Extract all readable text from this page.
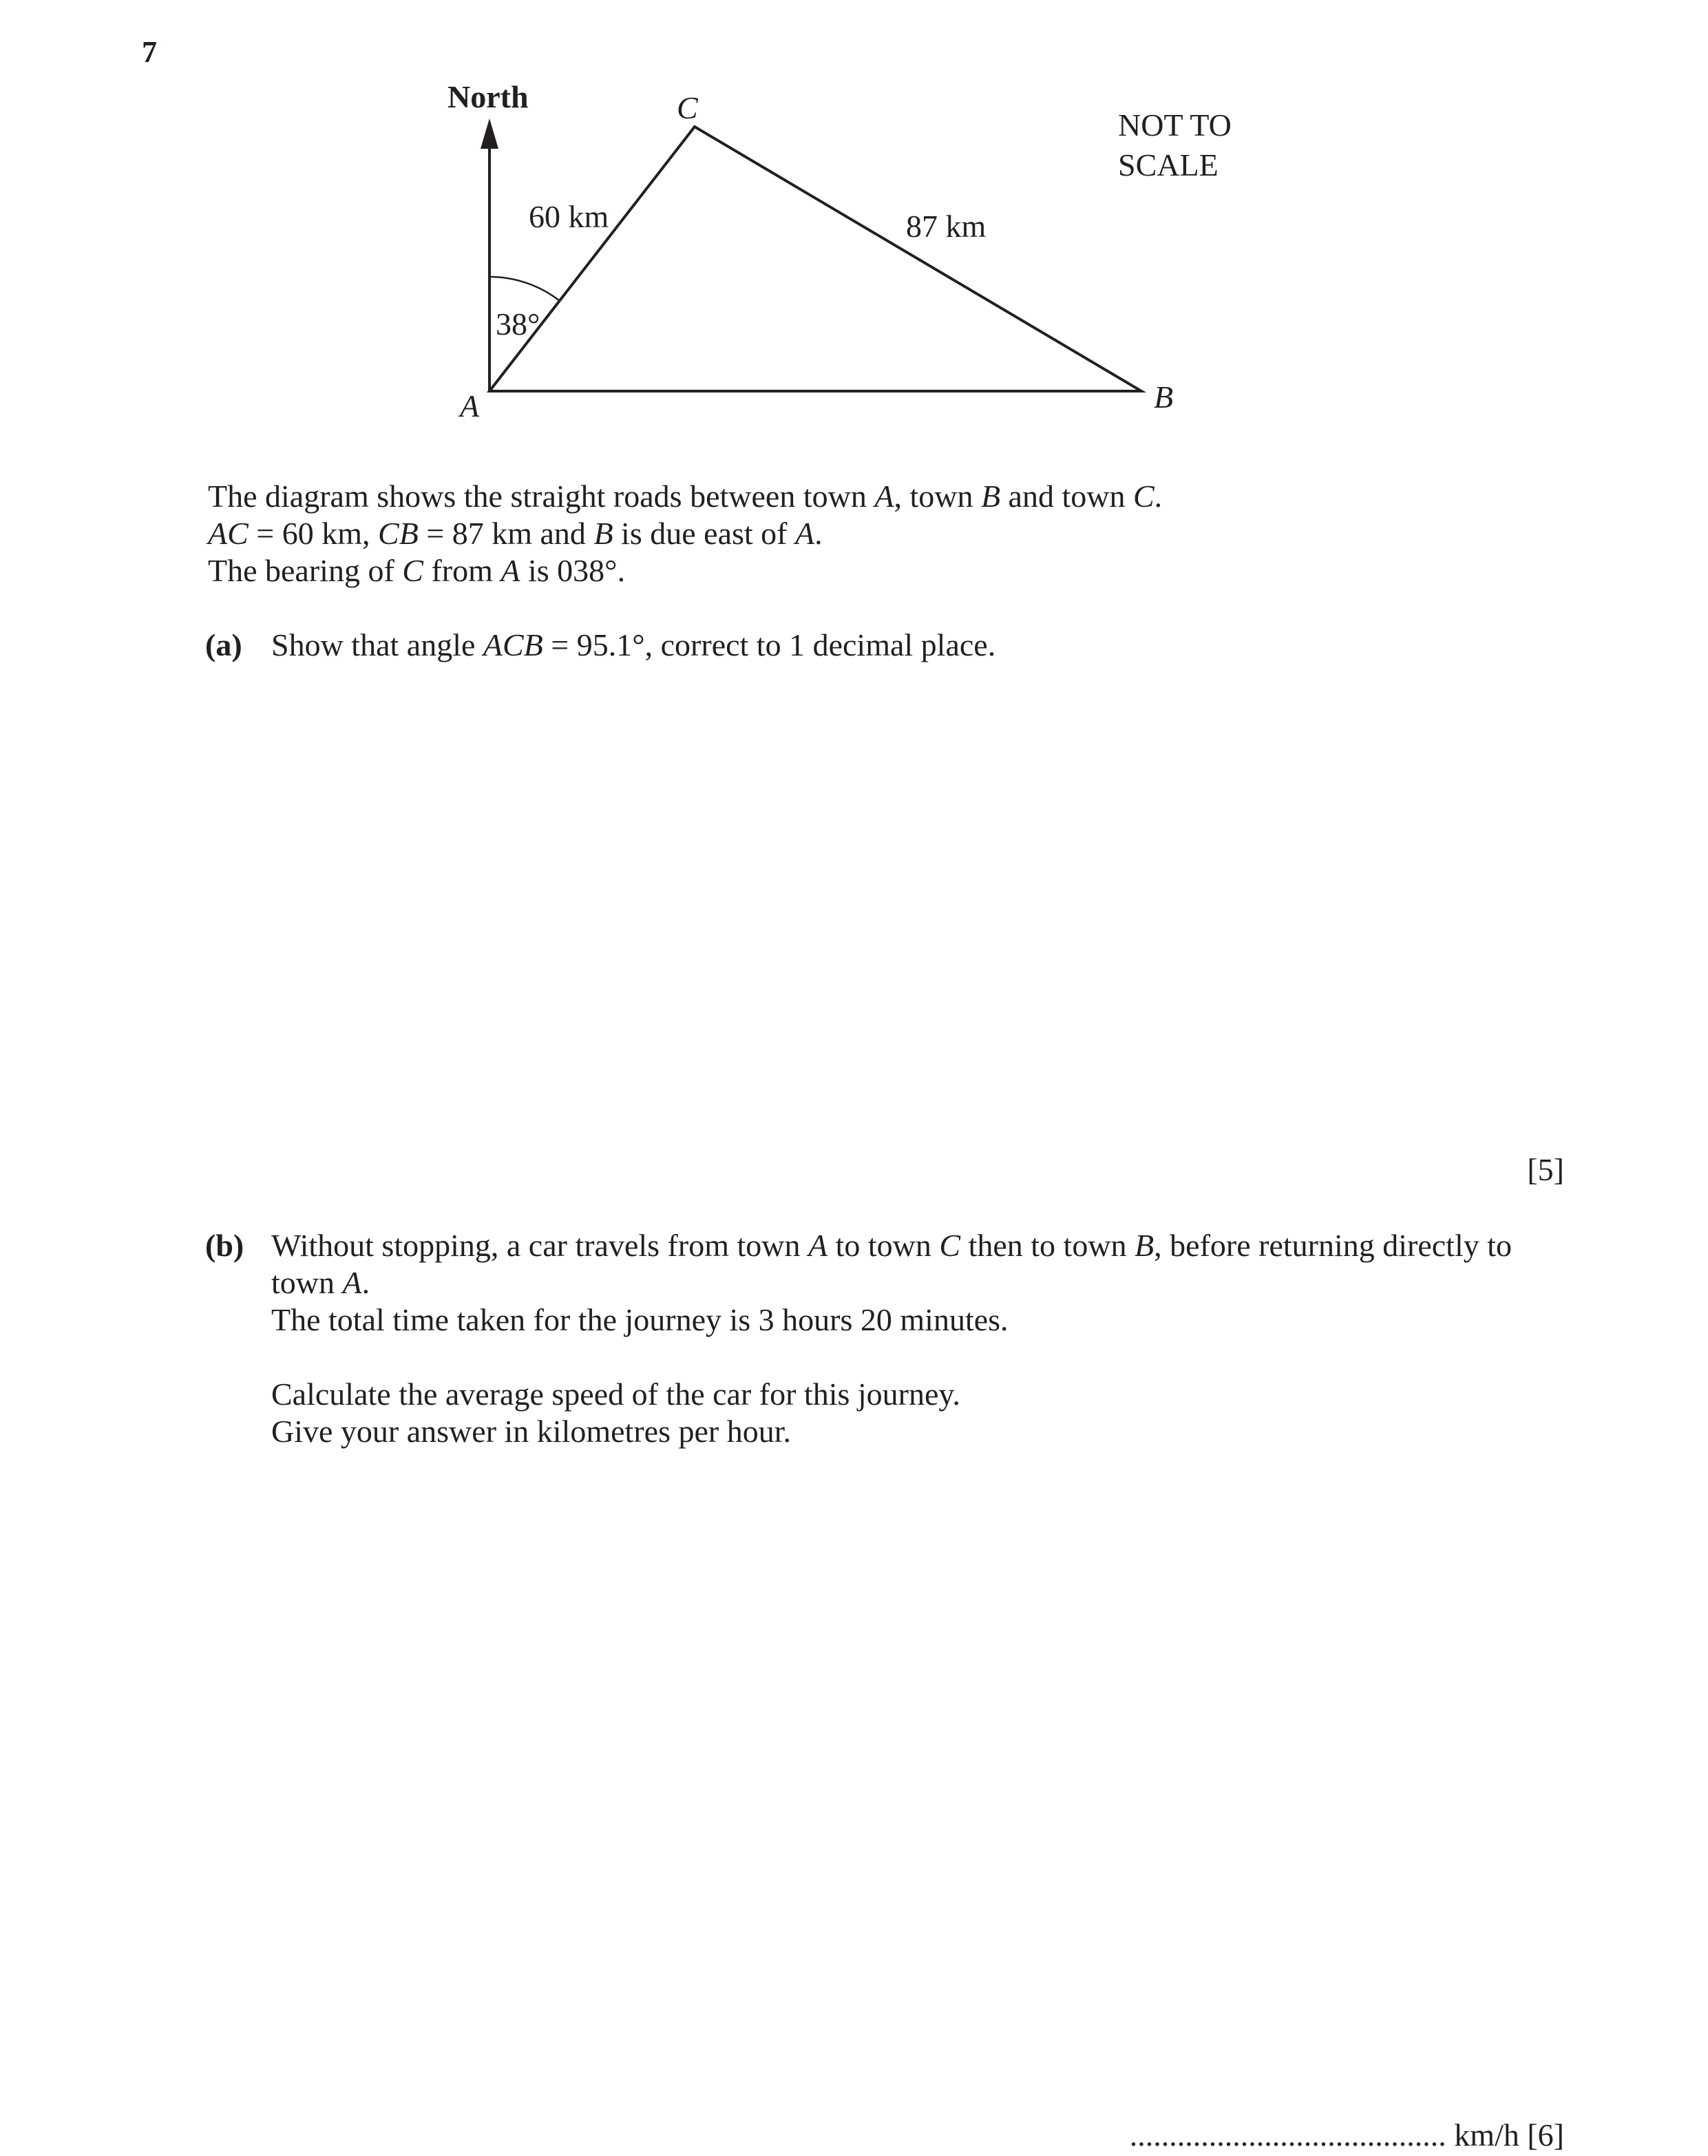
7
North	C
A	B
60 km	87 km
38°
NOT TO
SCALE
The diagram shows the straight roads between town A, town B and town C.
AC = 60 km, CB = 87 km and B is due east of A.
The bearing of C from A is 038°.
(a) Show that angle ACB = 95.1°, correct to 1 decimal place.
[5]
(b) Without stopping, a car travels from town A to town C then to town B, before returning directly to
town A.
The total time taken for the journey is 3 hours 20 minutes.
Calculate the average speed of the car for this journey.
Give your answer in kilometres per hour.
........................................ km/h [6]
